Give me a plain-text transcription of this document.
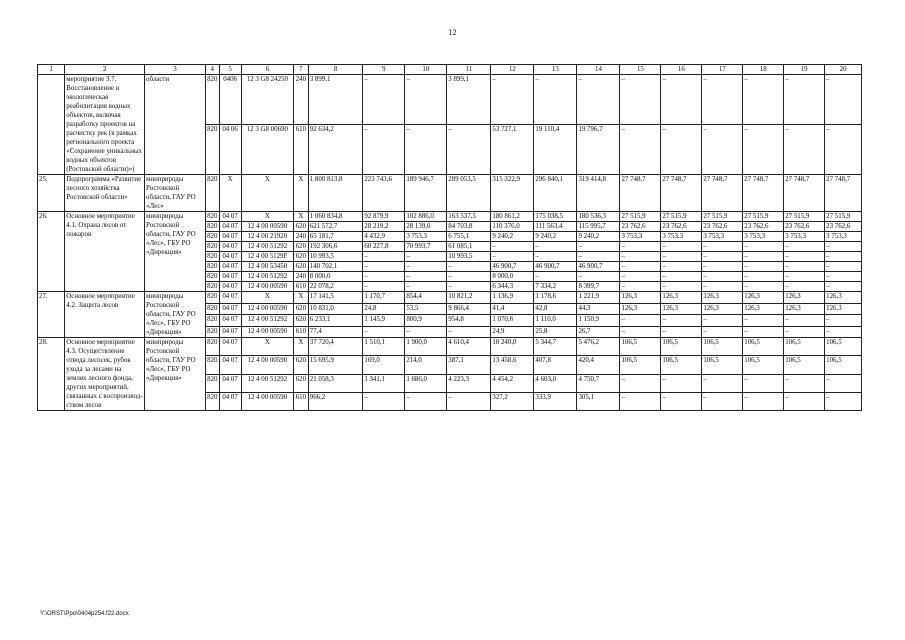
12
1	2	3	4	5	6	7	8	9	10	11	12	13	14	15	16	17	18	19	20
	мероприятие 3.7. Восстановление и экологическая реабилитация водных объектов, включая разработку проектов на расчистку рек (в рамках регионального проекта «Сохранение уникальных водных объектов (Ростовской области)»)	области	820	0406	12 3 G8 24250	240	3 899,1	–	–	3 899,1	–	–	–	–	–	–	–	–	–
			820	04 06	12 3 G8 00690	610	92 634,2	–	–	–	53 727,1	19 110,4	19 796,7	–	–	–	–	–	–
25.	Подпрограмма «Развитие лесного хозяйства Ростовской области»	минприроды Ростовской области, ГАУ РО «Лес»	820	Х	Х	Х	1 800 813,8	223 743,6	189 946,7	289 053,5	315 322,9	296 840,1	319 414,8	27 748,7	27 748,7	27 748,7	27 748,7	27 748,7	27 748,7
26.	Основное мероприятие 4.1. Охрана лесов от пожаров	минприроды Ростовской области, ГАУ РО «Лес», ГБУ РО «Дирекция»	820	04 07	Х	Х	1 060 834,8	92 879,9	102 886,0	163 537,5	180 861,2	175 038,5	180 536,3	27 515,9	27 515,9	27 515,9	27 515,9	27 515,9	27 515,9
			820	04 07	12 4 00 00590	620	621 572,7	28 219,2	28 139,0	84 703,8	110 376,0	111 563,4	115 995,7	23 762,6	23 762,6	23 762,6	23 762,6	23 762,6	23 762,6
			820	04 07	12 4 00 21920	240	65 181,7	4 432,9	3 753,3	6 755,1	9 240,2	9 240,2	9 240,2	3 753,3	3 753,3	3 753,3	3 753,3	3 753,3	3 753,3
			820	04 07	12 4 00 51292	620	192 306,6	60 227,8	70 993,7	61 085,1	–	–	–	–	–	–	–	–	–
			820	04 07	12 4 00 5129F	620	10 993,5	–	–	10 993,5	–	–	–	–	–	–	–	–	–
			820	04 07	12 4 00 53450	620	140 702,1	–	–	–	46 900,7	46 900,7	46 900,7	–	–	–	–	–	–
			820	04 07	12 4 00 51292	240	8 000,0	–	–	–	8 000,0	–	–	–	–	–	–	–	–
			820	04 07	12 4 00 00590	610	22 078,2	–	–	–	6 344,3	7 334,2	8 399,7	–	–	–	–	–	–
27.	Основное мероприятие 4.2. Защита лесов	минприроды Ростовской области, ГАУ РО «Лес», ГБУ РО «Дирекция»	820	04 07	Х	Х	17 141,5	1 170,7	854,4	10 821,2	1 136,9	1 178,6	1 221,9	126,3	126,3	126,3	126,3	126,3	126,3
			820	04 07	12 4 00 00590	620	10 831,0	24,8	53,5	9 866,4	41,4	42,8	44,3	126,3	126,3	126,3	126,3	126,3	126,3
			820	04 07	12 4 00 51292	620	6 233,1	1 145,9	800,9	954,8	1 070,6	1 110,0	1 150,9	–	–	–	–	–	–
			820	04 07	12 4 00 00590	610	77,4	–	–	–	24,9	25,8	26,7	–	–	–	–	–	–
28.	Основное мероприятие 4.3. Осуществление отвода лесосек, рубок ухода за лесами на землях лесного фонда, других мероприятий, связанных с воспроизвод-ством лесов	минприроды Ростовской области, ГАУ РО «Лес», ГБУ РО «Дирекция»	820	04 07	Х	Х	37 720,4	1 510,1	1 900,0	4 610,4	18 240,0	5 344,7	5 476,2	106,5	106,5	106,5	106,5	106,5	106,5
			820	04 07	12 4 00 00590	620	15 695,9	169,0	214,0	387,1	13 458,6	407,8	420,4	106,5	106,5	106,5	106,5	106,5	106,5
			820	04 07	12 4 00 51292	620	21 058,3	1 341,1	1 686,0	4 223,3	4 454,2	4 603,0	4 750,7	–	–	–	–	–	–
			820	04 07	12 4 00 00590	610	966,2	–	–	–	327,2	333,9	305,1	–	–	–	–	–	–
Y:\ORST\Ppo\0404p254.f22.docx
